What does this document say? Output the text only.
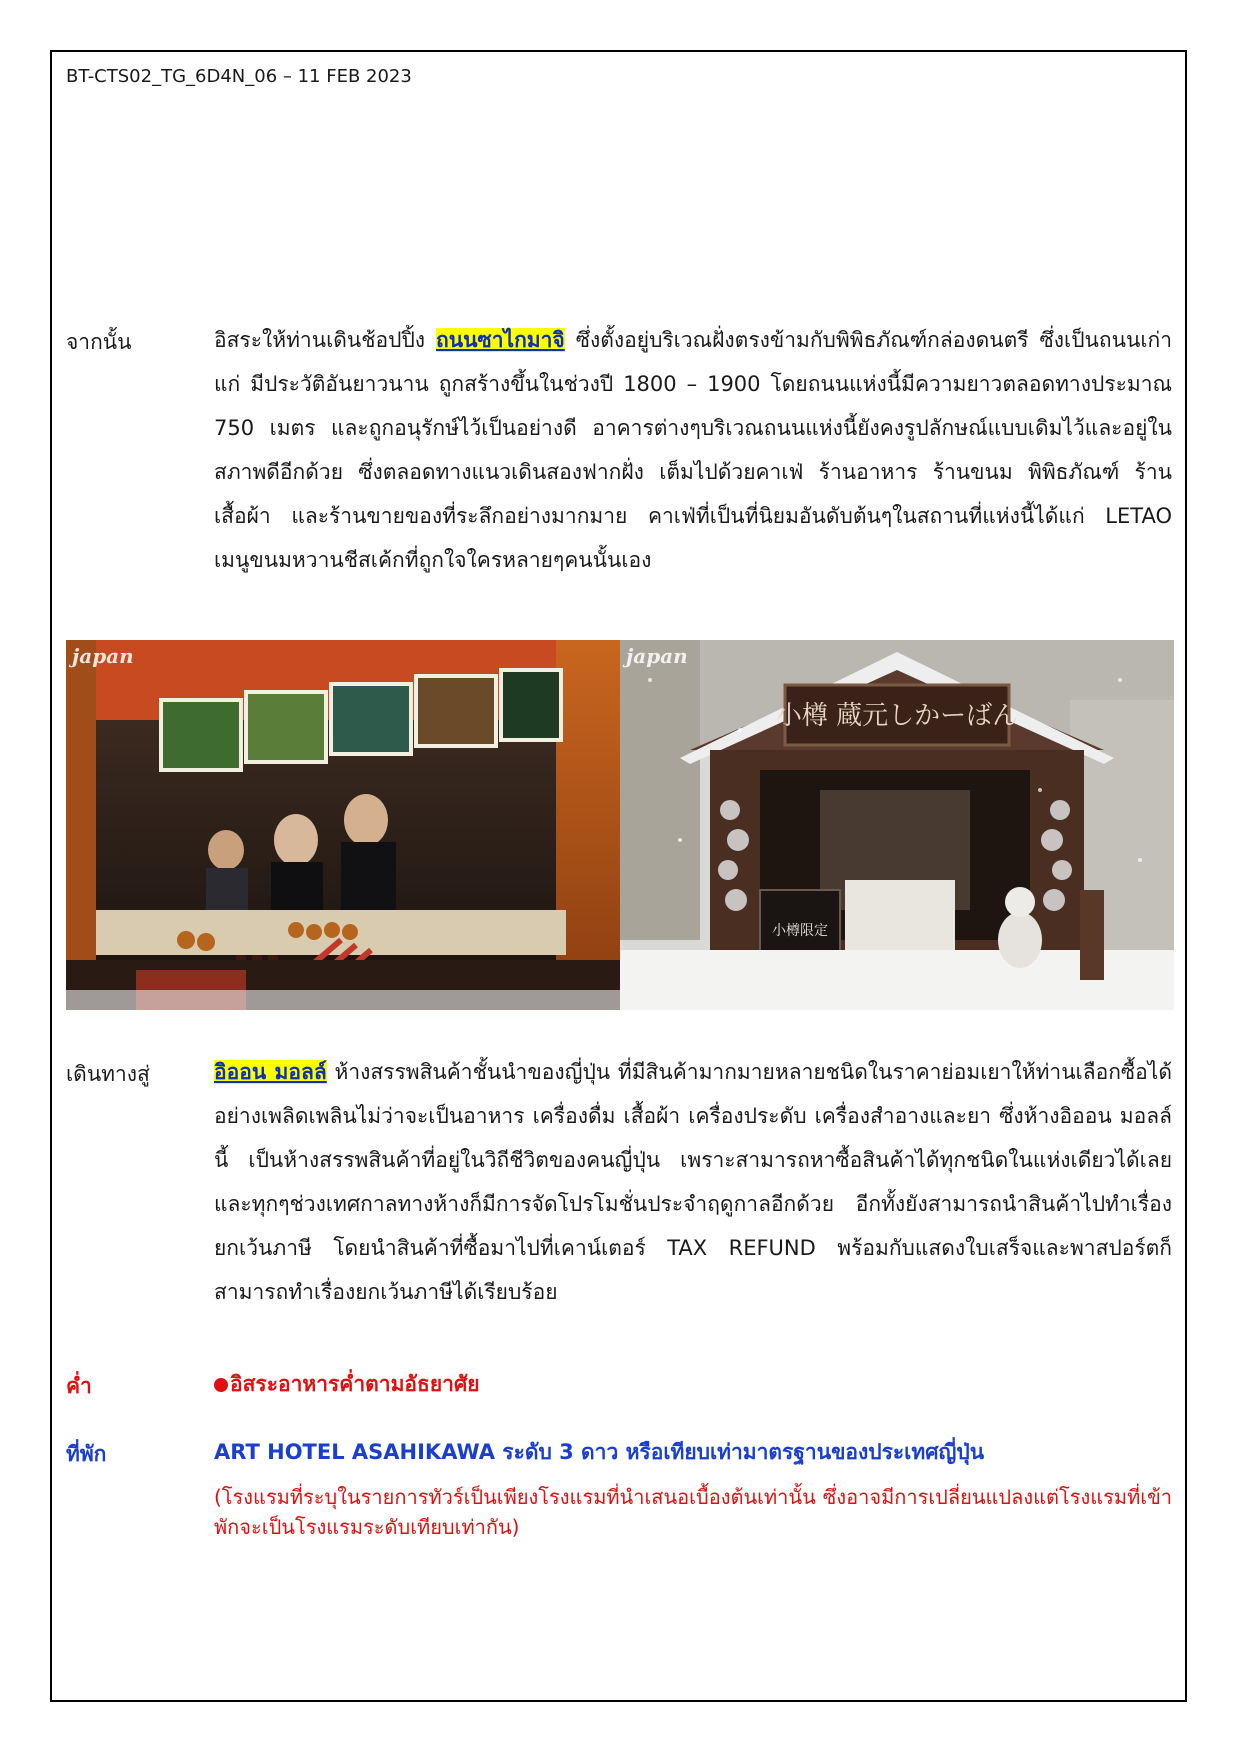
BT-CTS02_TG_6D4N_06 – 11 FEB 2023
จากนั้น	อิสระให้ท่านเดินช้อปปิ้ง ถนนซาไกมาจิ ซึ่งตั้งอยู่บริเวณฝั่งตรงข้ามกับพิพิธภัณฑ์กล่องดนตรี ซึ่งเป็นถนนเก่าแก่ มีประวัติอันยาวนาน ถูกสร้างขึ้นในช่วงปี 1800 – 1900 โดยถนนแห่งนี้มีความยาวตลอดทางประมาณ 750 เมตร และถูกอนุรักษ์ไว้เป็นอย่างดี อาคารต่างๆบริเวณถนนแห่งนี้ยังคงรูปลักษณ์แบบเดิมไว้และอยู่ในสภาพดีอีกด้วย ซึ่งตลอดทางแนวเดินสองฟากฝั่ง เต็มไปด้วยคาเฟ่ ร้านอาหาร ร้านขนม พิพิธภัณฑ์ ร้านเสื้อผ้า และร้านขายของที่ระลึกอย่างมากมาย คาเฟ่ที่เป็นที่นิยมอันดับต้นๆในสถานที่แห่งนี้ได้แก่ LETAO เมนูขนมหวานชีสเค้กที่ถูกใจใครหลายๆคนนั้นเอง
japan
小樽 蔵元しかーばん
小樽限定
japan
เดินทางสู่	อิออน มอลล์ ห้างสรรพสินค้าชั้นนำของญี่ปุ่น ที่มีสินค้ามากมายหลายชนิดในราคาย่อมเยาให้ท่านเลือกซื้อได้อย่างเพลิดเพลินไม่ว่าจะเป็นอาหาร เครื่องดื่ม เสื้อผ้า เครื่องประดับ เครื่องสำอางและยา ซึ่งห้างอิออน มอลล์ นี้ เป็นห้างสรรพสินค้าที่อยู่ในวิถีชีวิตของคนญี่ปุ่น เพราะสามารถหาซื้อสินค้าได้ทุกชนิดในแห่งเดียวได้เลย และทุกๆช่วงเทศกาลทางห้างก็มีการจัดโปรโมชั่นประจำฤดูกาลอีกด้วย อีกทั้งยังสามารถนำสินค้าไปทำเรื่องยกเว้นภาษี โดยนำสินค้าที่ซื้อมาไปที่เคาน์เตอร์ TAX REFUND พร้อมกับแสดงใบเสร็จและพาสปอร์ตก็สามารถทำเรื่องยกเว้นภาษีได้เรียบร้อย
ค่ำ	อิสระอาหารค่ำตามอัธยาศัย
ที่พัก	ART HOTEL ASAHIKAWA ระดับ 3 ดาว หรือเทียบเท่ามาตรฐานของประเทศญี่ปุ่น
(โรงแรมที่ระบุในรายการทัวร์เป็นเพียงโรงแรมที่นำเสนอเบื้องต้นเท่านั้น ซึ่งอาจมีการเปลี่ยนแปลงแต่โรงแรมที่เข้าพักจะเป็นโรงแรมระดับเทียบเท่ากัน)
